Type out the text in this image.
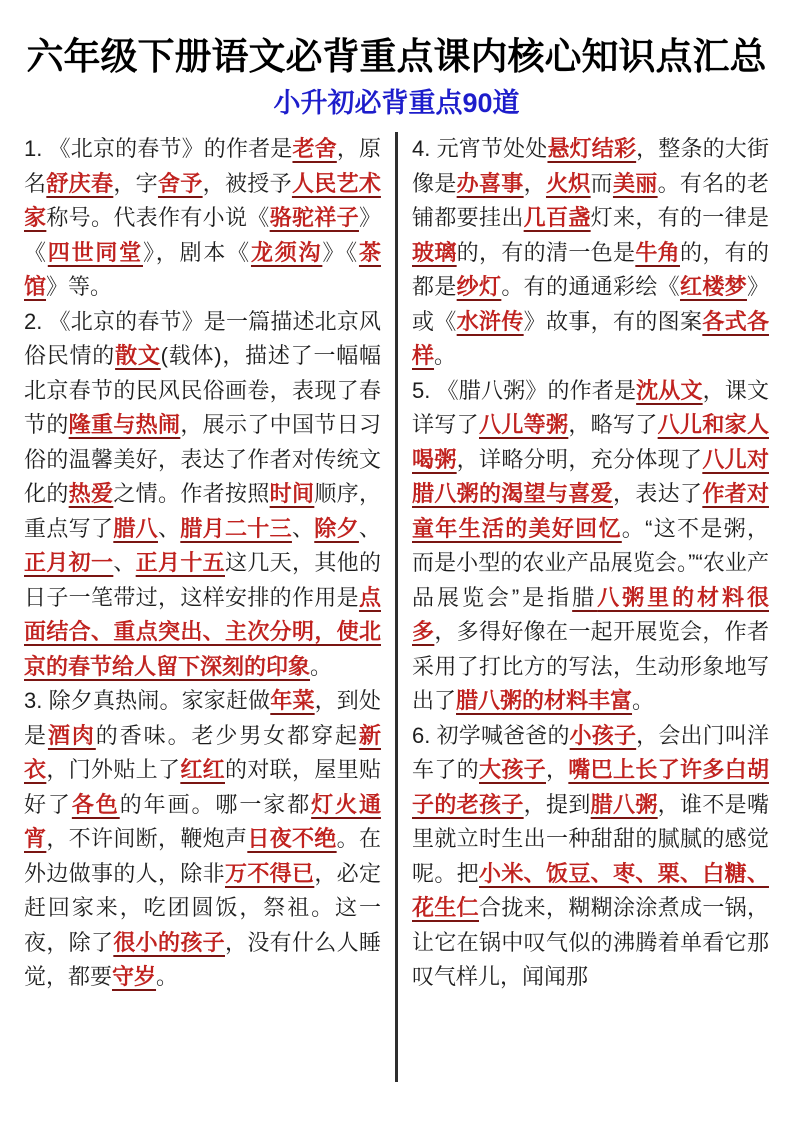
六年级下册语文必背重点课内核心知识点汇总
小升初必背重点90道

1. 《北京的春节》的作者是老舍，原名舒庆春，字舍予，被授予人民艺术家称号。代表作有小说《骆驼祥子》《四世同堂》，剧本《龙须沟》《茶馆》等。

2. 《北京的春节》是一篇描述北京风俗民情的散文(载体)，描述了一幅幅北京春节的民风民俗画卷，表现了春节的隆重与热闹，展示了中国节日习俗的温馨美好，表达了作者对传统文化的热爱之情。作者按照时间顺序，重点写了腊八、腊月二十三、除夕、正月初一、正月十五这几天，其他的日子一笔带过，这样安排的作用是点面结合、重点突出、主次分明，使北京的春节给人留下深刻的印象。

3. 除夕真热闹。家家赶做年菜，到处是酒肉的香味。老少男女都穿起新衣，门外贴上了红红的对联，屋里贴好了各色的年画。哪一家都灯火通宵，不许间断，鞭炮声日夜不绝。在外边做事的人，除非万不得已，必定赶回家来，吃团圆饭，祭祖。这一夜，除了很小的孩子，没有什么人睡觉，都要守岁。

4. 元宵节处处悬灯结彩，整条的大街像是办喜事，火炽而美丽。有名的老铺都要挂出几百盏灯来，有的一律是玻璃的，有的清一色是牛角的，有的都是纱灯。有的通通彩绘《红楼梦》或《水浒传》故事，有的图案各式各样。

5. 《腊八粥》的作者是沈从文，课文详写了八儿等粥，略写了八儿和家人喝粥，详略分明，充分体现了八儿对腊八粥的渴望与喜爱，表达了作者对童年生活的美好回忆。“这不是粥，而是小型的农业产品展览会。”“农业产品展览会”是指腊八粥里的材料很多，多得好像在一起开展览会，作者采用了打比方的写法，生动形象地写出了腊八粥的材料丰富。

6. 初学喊爸爸的小孩子，会出门叫洋车了的大孩子，嘴巴上长了许多白胡子的老孩子，提到腊八粥，谁不是嘴里就立时生出一种甜甜的腻腻的感觉呢。把小米、饭豆、枣、栗、白糖、花生仁合拢来，糊糊涂涂煮成一锅，让它在锅中叹气似的沸腾着单看它那叹气样儿，闻闻那
